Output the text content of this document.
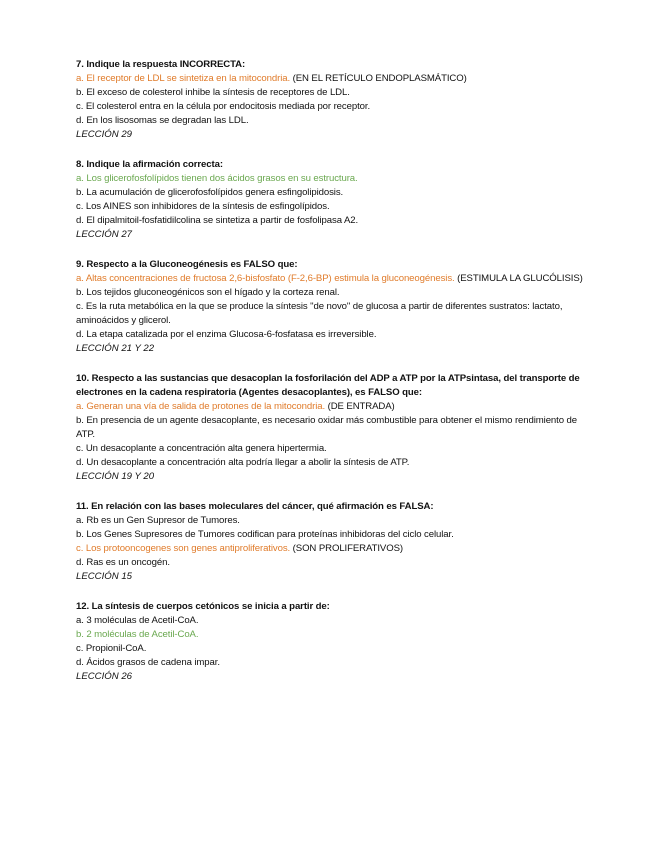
7. Indique la respuesta INCORRECTA:
a. El receptor de LDL se sintetiza en la mitocondria. (EN EL RETÍCULO ENDOPLASMÁTICO)
b. El exceso de colesterol inhibe la síntesis de receptores de LDL.
c. El colesterol entra en la célula por endocitosis mediada por receptor.
d. En los lisosomas se degradan las LDL.
LECCIÓN 29
8. Indique la afirmación correcta:
a. Los glicerofosfolípidos tienen dos ácidos grasos en su estructura.
b. La acumulación de glicerofosfolípidos genera esfingolipidosis.
c. Los AINES son inhibidores de la síntesis de esfingolípidos.
d. El dipalmitoil-fosfatidilcolina se sintetiza a partir de fosfolipasa A2.
LECCIÓN 27
9. Respecto a la Gluconeogénesis es FALSO que:
a. Altas concentraciones de fructosa 2,6-bisfosfato (F-2,6-BP) estimula la gluconeogénesis. (ESTIMULA LA GLUCÓLISIS)
b. Los tejidos gluconeogénicos son el hígado y la corteza renal.
c. Es la ruta metabólica en la que se produce la síntesis "de novo" de glucosa a partir de diferentes sustratos: lactato, aminoácidos y glicerol.
d. La etapa catalizada por el enzima Glucosa-6-fosfatasa es irreversible.
LECCIÓN 21 Y 22
10. Respecto a las sustancias que desacoplan la fosforilación del ADP a ATP por la ATPsintasa, del transporte de electrones en la cadena respiratoria (Agentes desacoplantes), es FALSO que:
a. Generan una vía de salida de protones de la mitocondria. (DE ENTRADA)
b. En presencia de un agente desacoplante, es necesario oxidar más combustible para obtener el mismo rendimiento de ATP.
c. Un desacoplante a concentración alta genera hipertermia.
d. Un desacoplante a concentración alta podría llegar a abolir la síntesis de ATP.
LECCIÓN 19 Y 20
11. En relación con las bases moleculares del cáncer, qué afirmación es FALSA:
a. Rb es un Gen Supresor de Tumores.
b. Los Genes Supresores de Tumores codifican para proteínas inhibidoras del ciclo celular.
c. Los protooncogenes son genes antiproliferativos. (SON PROLIFERATIVOS)
d. Ras es un oncogén.
LECCIÓN 15
12. La síntesis de cuerpos cetónicos se inicia a partir de:
a. 3 moléculas de Acetil-CoA.
b. 2 moléculas de Acetil-CoA.
c. Propionil-CoA.
d. Ácidos grasos de cadena impar.
LECCIÓN 26
